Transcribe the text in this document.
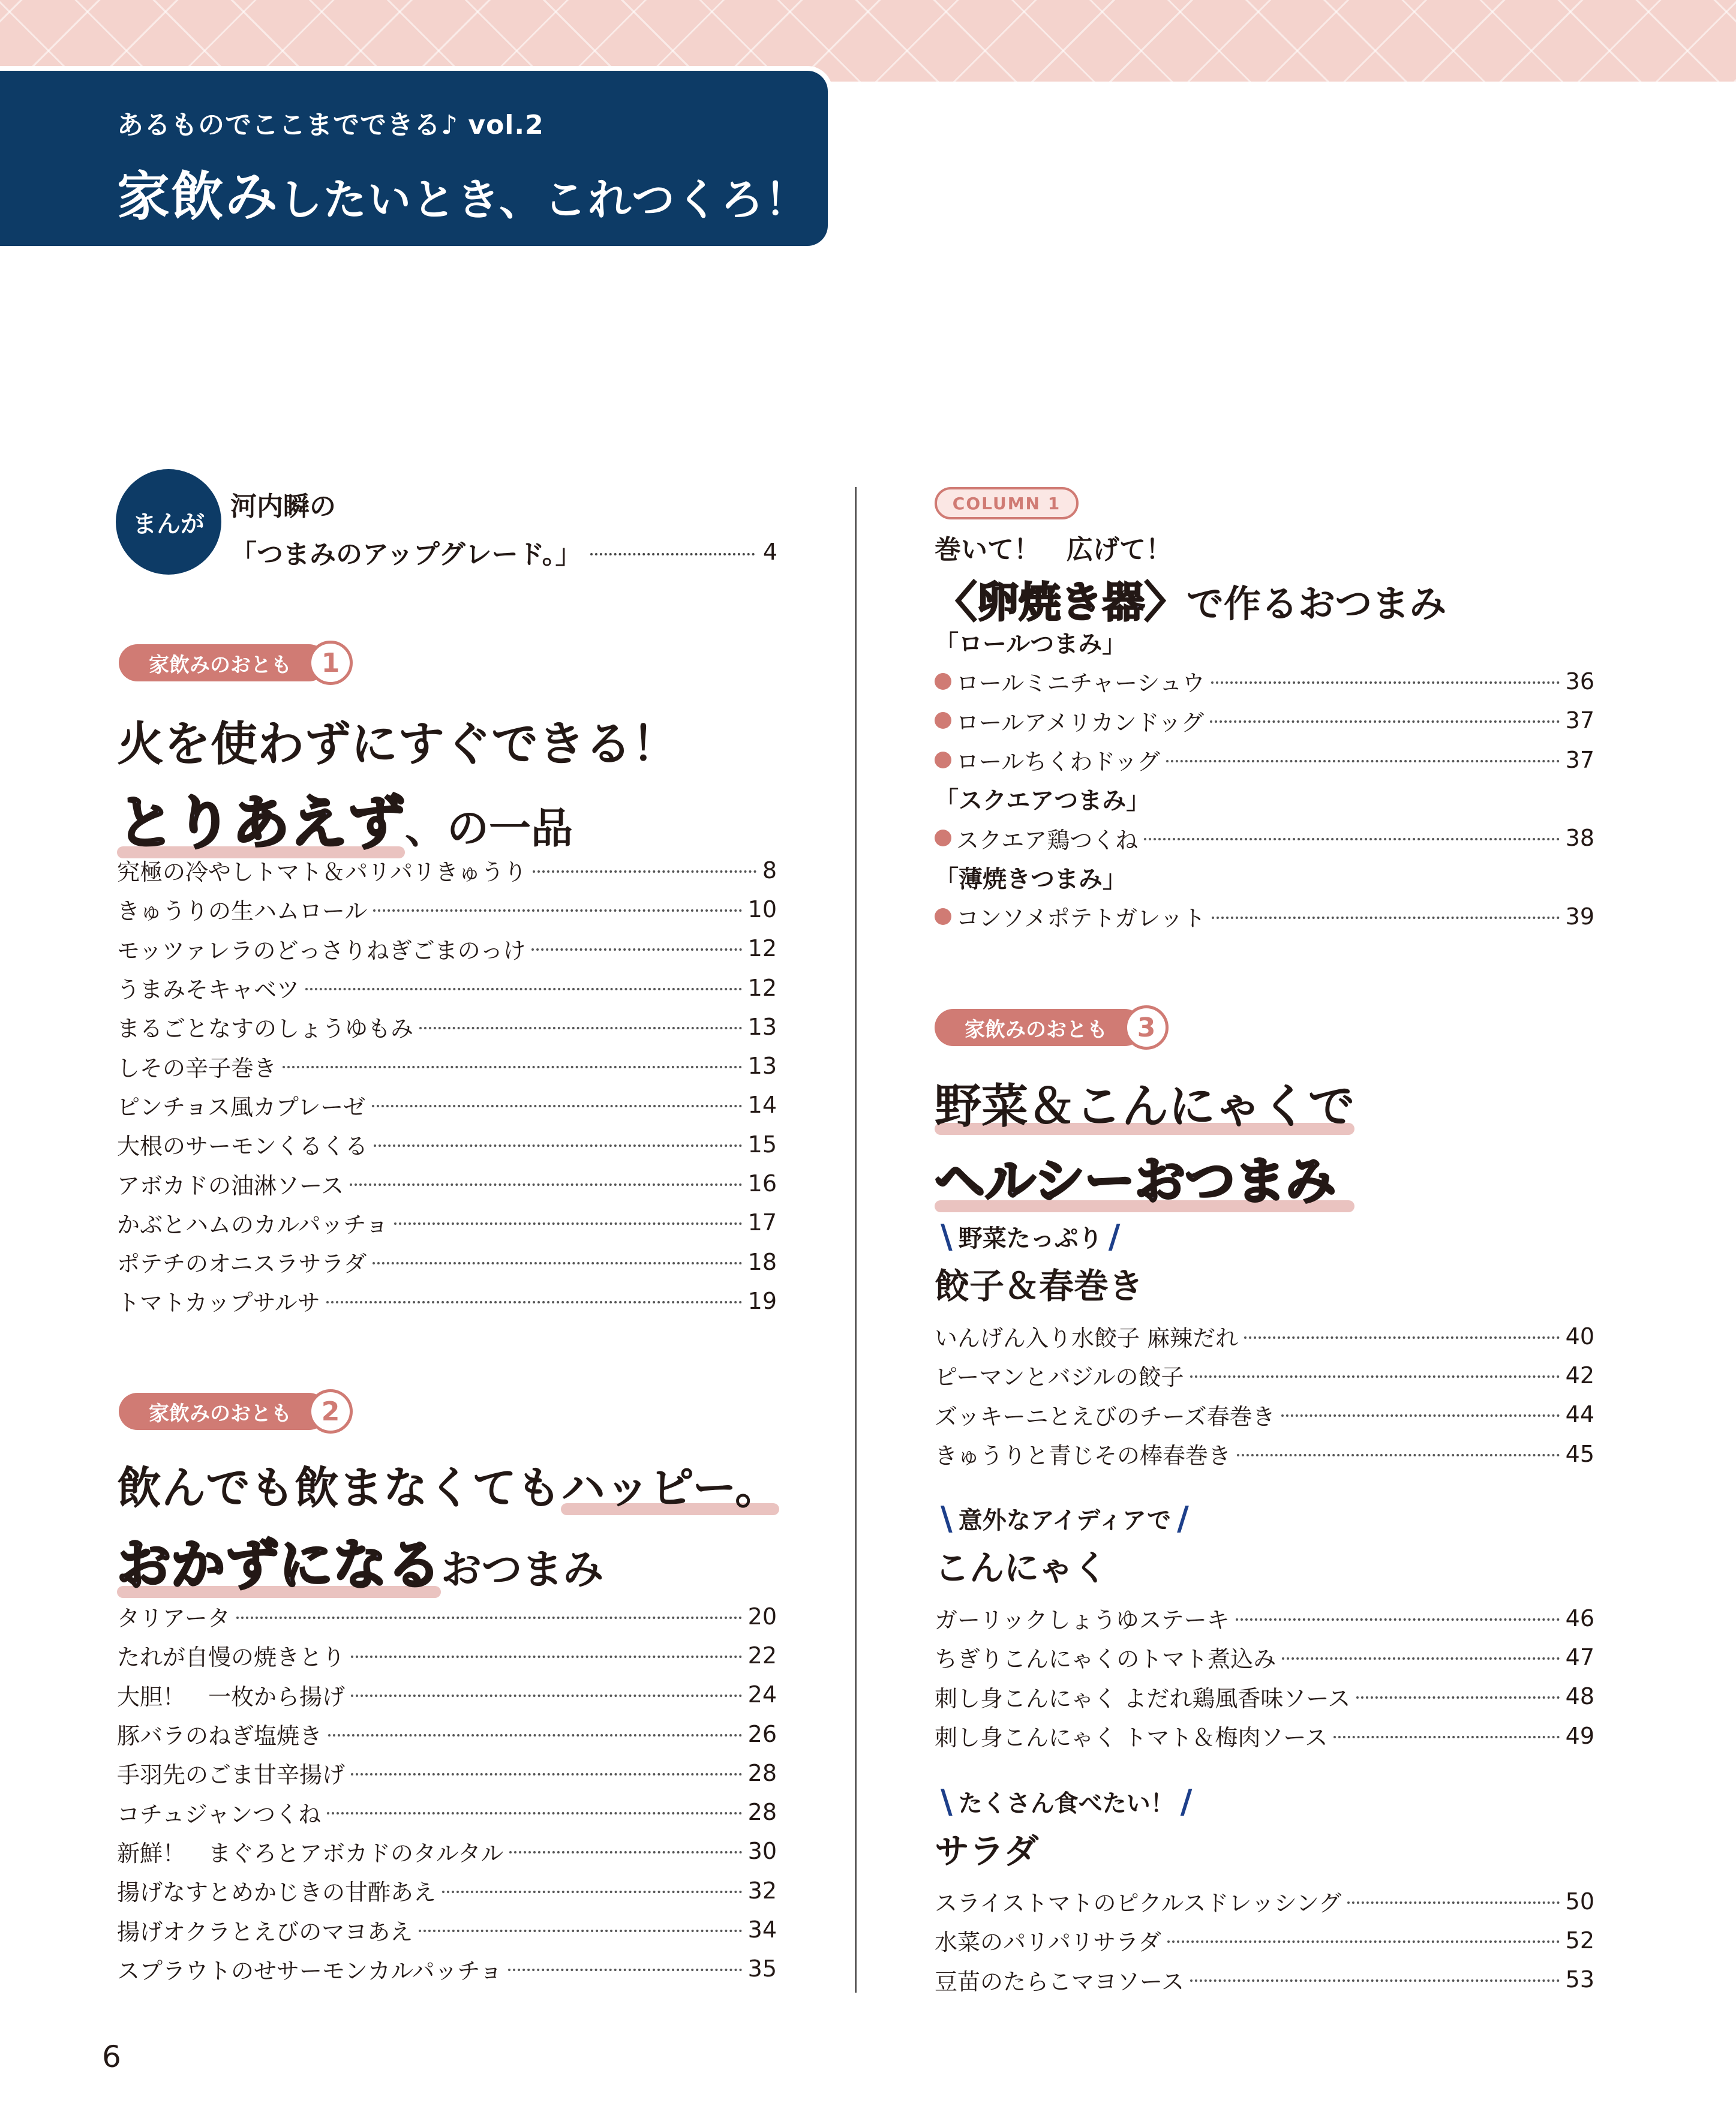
あるものでここまでできる♪ vol.2
家飲みしたいとき、これつくろ！
まんが
河内瞬の
「つまみのアップグレード。」	4
家飲みのおとも	1
火を使わずにすぐできる！
とりあえず、の一品
究極の冷やしトマト＆パリパリきゅうり	8
きゅうりの生ハムロール	10
モッツァレラのどっさりねぎごまのっけ	12
うまみそキャベツ	12
まるごとなすのしょうゆもみ	13
しその辛子巻き	13
ピンチョス風カプレーゼ	14
大根のサーモンくるくる	15
アボカドの油淋ソース	16
かぶとハムのカルパッチョ	17
ポテチのオニスラサラダ	18
トマトカップサルサ	19
家飲みのおとも	2
飲んでも飲まなくてもハッピー。
おかずになるおつまみ
タリアータ	20
たれが自慢の焼きとり	22
大胆！　一枚から揚げ	24
豚バラのねぎ塩焼き	26
手羽先のごま甘辛揚げ	28
コチュジャンつくね	28
新鮮！　まぐろとアボカドのタルタル	30
揚げなすとめかじきの甘酢あえ	32
揚げオクラとえびのマヨあえ	34
スプラウトのせサーモンカルパッチョ	35
COLUMN 1
巻いて！　広げて！
〈卵焼き器〉で作るおつまみ
「ロールつまみ」
ロールミニチャーシュウ	36
ロールアメリカンドッグ	37
ロールちくわドッグ	37
「スクエアつまみ」
スクエア鶏つくね	38
「薄焼きつまみ」
コンソメポテトガレット	39
家飲みのおとも	3
野菜＆こんにゃくで
ヘルシーおつまみ
\ 野菜たっぷり /
餃子＆春巻き
いんげん入り水餃子 麻辣だれ	40
ピーマンとバジルの餃子	42
ズッキーニとえびのチーズ春巻き	44
きゅうりと青じその棒春巻き	45
\ 意外なアイディアで /
こんにゃく
ガーリックしょうゆステーキ	46
ちぎりこんにゃくのトマト煮込み	47
刺し身こんにゃく よだれ鶏風香味ソース	48
刺し身こんにゃく トマト＆梅肉ソース	49
\ たくさん食べたい！ /
サラダ
スライストマトのピクルスドレッシング	50
水菜のパリパリサラダ	52
豆苗のたらこマヨソース	53
6
